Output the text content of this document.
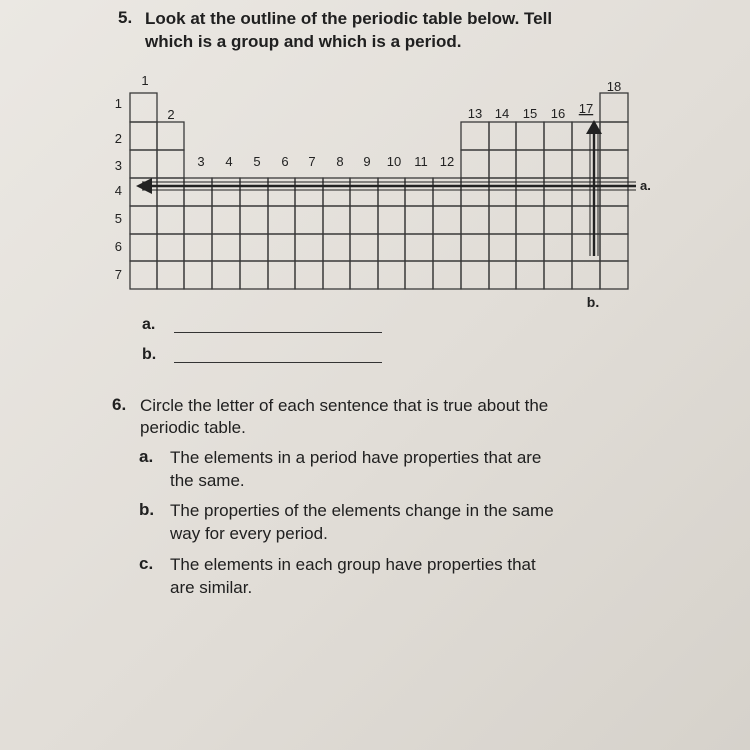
5. Look at the outline of the periodic table below. Tell
which is a group and which is a period.
1
2
3 4 5 6 7 8 9 10 11 12
13 14 15 16 17
18
1
2
3
4
5
6
7
a.
b.
a.
b.
6. Circle the letter of each sentence that is true about the
periodic table.
a. The elements in a period have properties that are
the same.
b. The properties of the elements change in the same
way for every period.
c. The elements in each group have properties that
are similar.
